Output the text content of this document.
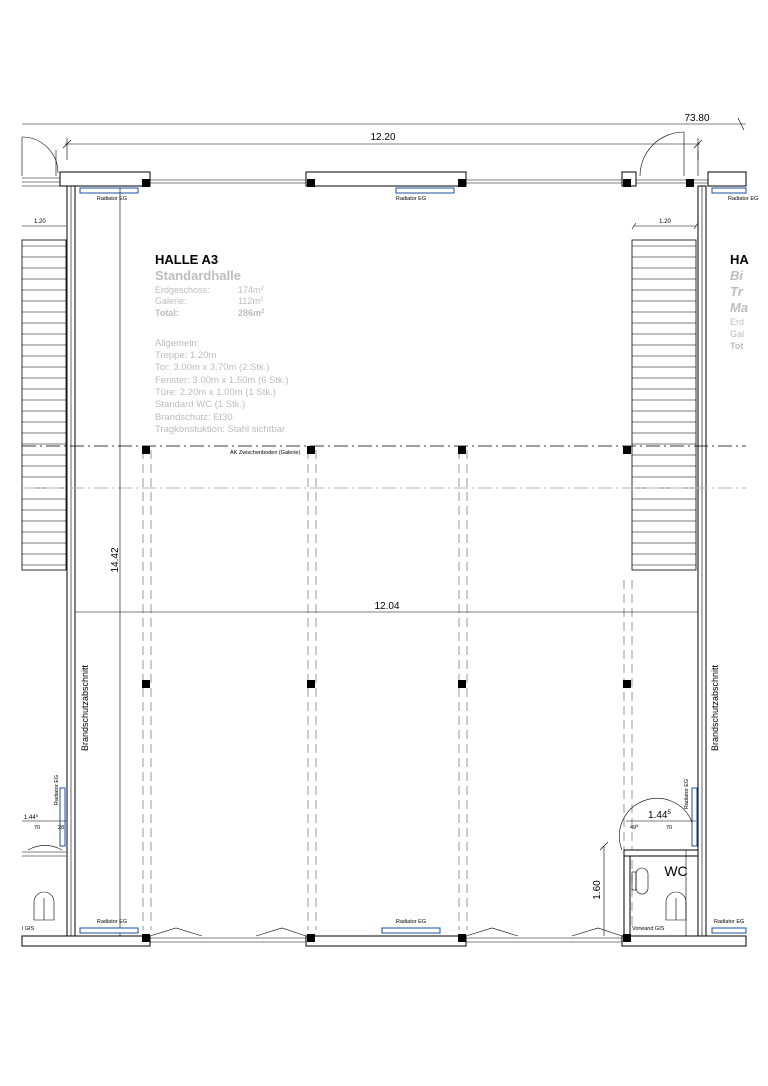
73.80
12.20
Radiator EG	Radiator EG	Radiator EG
1.20	1.20
AK Zwischenboden (Galerie)
12.04
14.42
Brandschutzabschnitt	Brandschutzabschnitt
Radiator EG	Radiator EG
1.44$^5$
70	28
1.44$^5$
$49^5$	70
WC
Vorwand GIS
1.60
l GIS
Radiator EG	Radiator EG	Radiator EG
HALLE A3
Standardhalle
Erdgeschoss:	$174m^2$
Galerie:	$112m^2$
Total:	$286m^2$
Allgemein:
Treppe: 1.20m
Tor: 3.00m x 3.70m (2 Stk.)
Fenster: 3.00m x 1.50m (6 Stk.)
Türe: 2.20m x 1.00m (1 Stk.)
Standard WC (1 Stk.)
Brandschutz: EI30
Tragkonstuktion: Stahl sichtbar
HA
Bi
Tr
Ma
Erd
Gal
Tot
